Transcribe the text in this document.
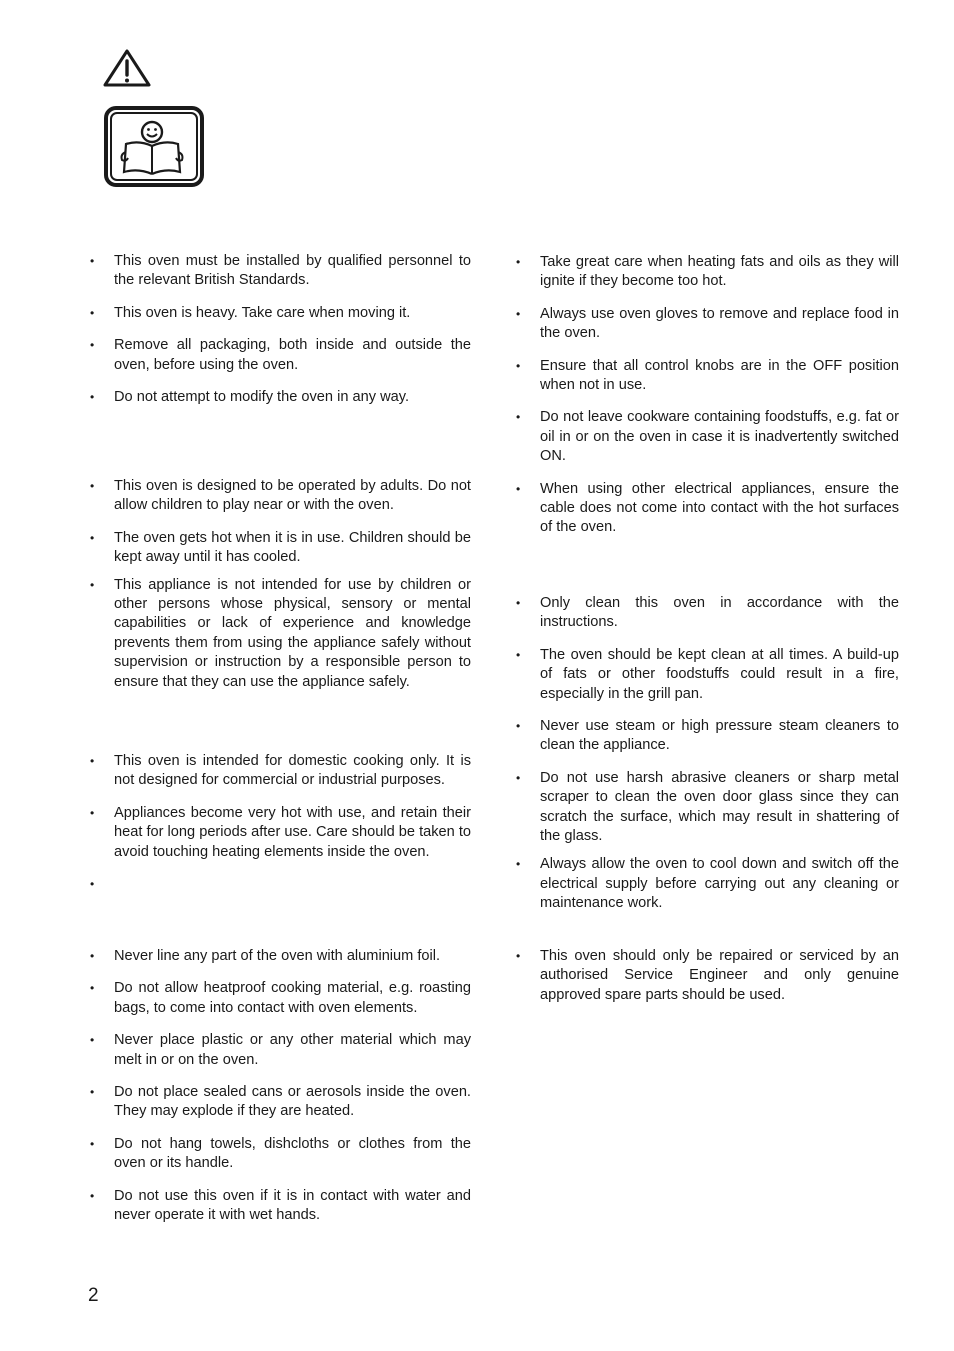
• This oven must be installed by qualified personnel to the relevant British Standards.
• This oven is heavy. Take care when moving it.
• Remove all packaging, both inside and outside the oven, before using the oven.
• Do not attempt to modify the oven in any way.
• This oven is designed to be operated by adults. Do not allow children to play near or with the oven.
• The oven gets hot when it is in use. Children should be kept away until it has cooled.
• This appliance is not intended for use by children or other persons whose physical, sensory or mental capabilities or lack of experience and knowledge prevents them from using the appliance safely without supervision or instruction by a responsible person to ensure that they can use the appliance safely.
• This oven is intended for domestic cooking only. It is not designed for commercial or industrial purposes.
• Appliances become very hot with use, and retain their heat for long periods after use. Care should be taken to avoid touching heating elements inside the oven.
•
• Never line any part of the oven with aluminium foil.
• Do not allow heatproof cooking material, e.g. roasting bags, to come into contact with oven elements.
• Never place plastic or any other material which may melt in or on the oven.
• Do not place sealed cans or aerosols inside the oven. They may explode if they are heated.
• Do not hang towels, dishcloths or clothes from the oven or its handle.
• Do not use this oven if it is in contact with water and never operate it with wet hands.
• Take great care when heating fats and oils as they will ignite if they become too hot.
• Always use oven gloves to remove and replace food in the oven.
• Ensure that all control knobs are in the OFF position when not in use.
• Do not leave cookware containing foodstuffs, e.g. fat or oil in or on the oven in case it is inadvertently switched ON.
• When using other electrical appliances, ensure the cable does not come into contact with the hot surfaces of the oven.
• Only clean this oven in accordance with the instructions.
• The oven should be kept clean at all times. A build-up of fats or other foodstuffs could result in a fire, especially in the grill pan.
• Never use steam or high pressure steam cleaners to clean the appliance.
• Do not use harsh abrasive cleaners or sharp metal scraper to clean the oven door glass since they can scratch the surface, which may result in shattering of the glass.
• Always allow the oven to cool down and switch off the electrical supply before carrying out any cleaning or maintenance work.
• This oven should only be repaired or serviced by an authorised Service Engineer and only genuine approved spare parts should be used.
2
